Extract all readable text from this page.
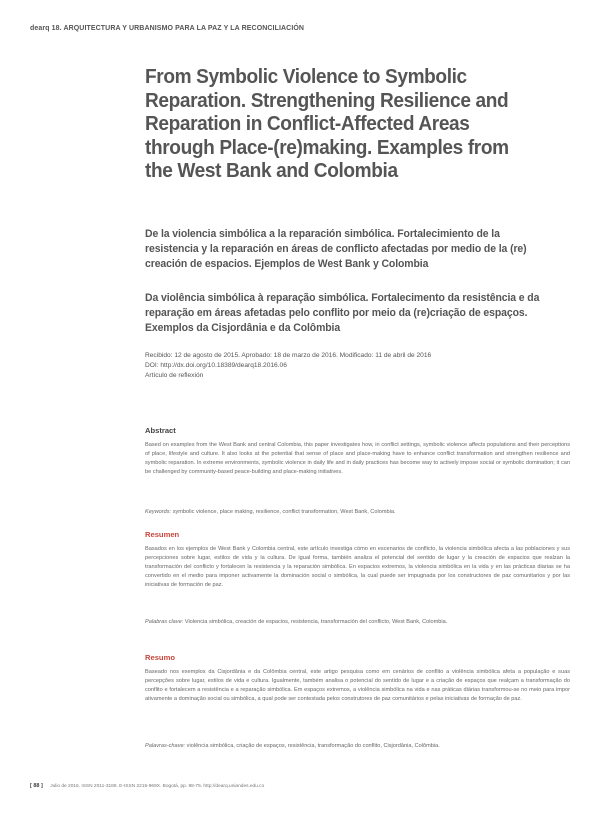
dearq 18. ARQUITECTURA Y URBANISMO PARA LA PAZ Y LA RECONCILIACIÓN
From Symbolic Violence to Symbolic Reparation. Strengthening Resilience and Reparation in Conflict-Affected Areas through Place-(re)making. Examples from the West Bank and Colombia
De la violencia simbólica a la reparación simbólica. Fortalecimiento de la resistencia y la reparación en áreas de conflicto afectadas por medio de la (re) creación de espacios. Ejemplos de West Bank y Colombia
Da violência simbólica à reparação simbólica. Fortalecimento da resistência e da reparação em áreas afetadas pelo conflito por meio da (re)criação de espaços. Exemplos da Cisjordânia e da Colômbia
Recibido: 12 de agosto de 2015. Aprobado: 18 de marzo de 2016. Modificado: 11 de abril de 2016
DOI: http://dx.doi.org/10.18389/dearq18.2016.06
Artículo de reflexión

Abstract

Based on examples from the West Bank and central Colombia, this paper investigates how, in conflict settings, symbolic violence affects populations and their perceptions of place, lifestyle and culture. It also looks at the potential that sense of place and place-making have to enhance conflict transformation and strengthen resilience and symbolic reparation. In extreme environments, symbolic violence in daily life and in daily practices has become way to actively impose social or symbolic domination; it can be challenged by community-based peace-building and place-making initiatives.

Keywords: symbolic violence, place making, resilience, conflict transformation, West Bank, Colombia.

Resumen

Basados en los ejemplos de West Bank y Colombia central, este artículo investiga cómo en escenarios de conflicto, la violencia simbólica afecta a las poblaciones y sus percepciones sobre lugar, estilos de vida y la cultura. De igual forma, también analiza el potencial del sentido de lugar y la creación de espacios que realzan la transformación del conflicto y fortalecen la resistencia y la reparación simbólica. En espacios extremos, la violencia simbólica en la vida y en las prácticas diarias se ha convertido en el medio para imponer activamente la dominación social o simbólica, la cual puede ser impugnada por los constructores de paz comunitarios y por las iniciativas de formación de paz.

Palabras clave: Violencia simbólica, creación de espacios, resistencia, transformación del conflicto, West Bank, Colombia.

Resumo

Baseado nos exemplos da Cisjordânia e da Colômbia central, este artigo pesquisa como em cenários de conflito a violência simbólica afeta a população e suas percepções sobre lugar, estilos de vida e cultura. Igualmente, também analisa o potencial do sentido de lugar e a criação de espaços que realçam a transformação do conflito e fortalecem a resistência e a reparação simbólica. Em espaços extremos, a violência simbólica na vida e nas práticas diárias transformou-se no meio para impor ativamente a dominação social ou simbólica, a qual pode ser contestada pelos construtores de paz comunitários e pelas iniciativas de formação de paz.

Palavras-chave: violência simbólica, criação de espaços, resistência, transformação do conflito, Cisjordânia, Colômbia.

[ 88 ] Julio de 2016. ISSN 2011-3188. E-ISSN 2215-969X. Bogotá, pp. 88-75. http://dearq.uniandes.edu.co
